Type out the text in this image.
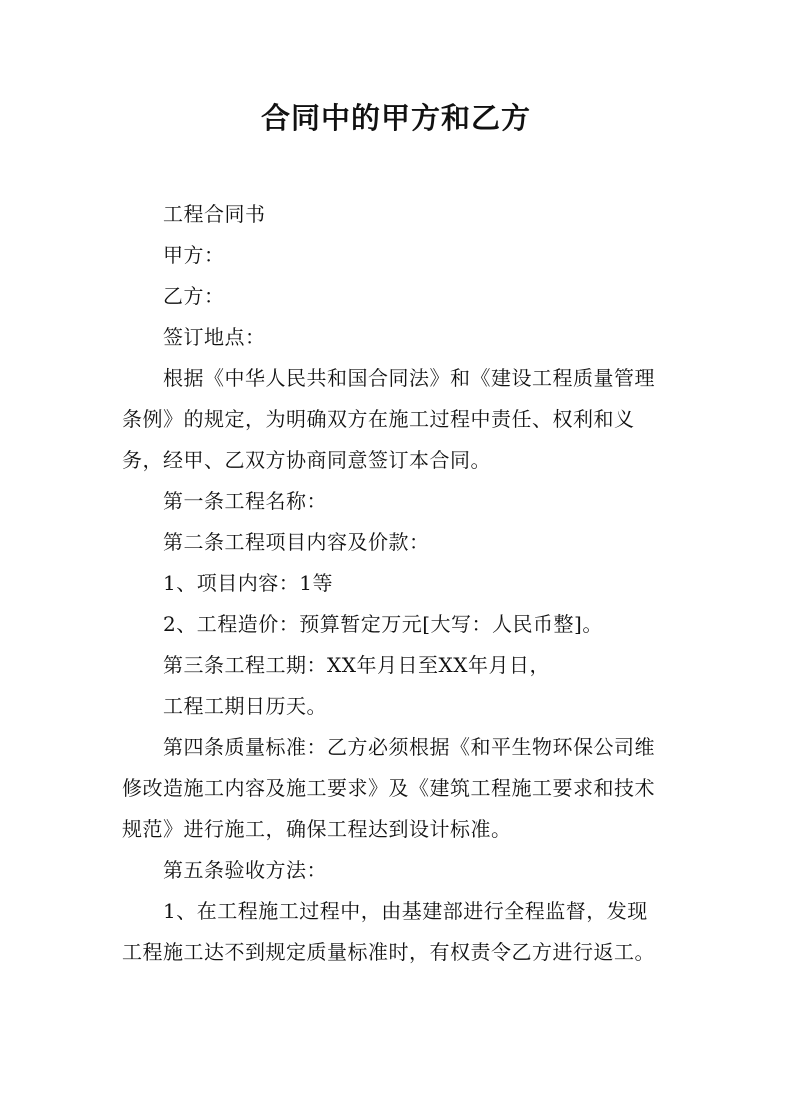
合同中的甲方和乙方

工程合同书

甲方：

乙方：

签订地点：

根据《中华人民共和国合同法》和《建设工程质量管理条例》的规定，为明确双方在施工过程中责任、权利和义务，经甲、乙双方协商同意签订本合同。

第一条工程名称：

第二条工程项目内容及价款：

1、项目内容：1等

2、工程造价：预算暂定万元[大写：人民币整]。

第三条工程工期：XX年月日至XX年月日，

工程工期日历天。

第四条质量标准：乙方必须根据《和平生物环保公司维修改造施工内容及施工要求》及《建筑工程施工要求和技术规范》进行施工，确保工程达到设计标准。

第五条验收方法：

1、在工程施工过程中，由基建部进行全程监督，发现工程施工达不到规定质量标准时，有权责令乙方进行返工。
